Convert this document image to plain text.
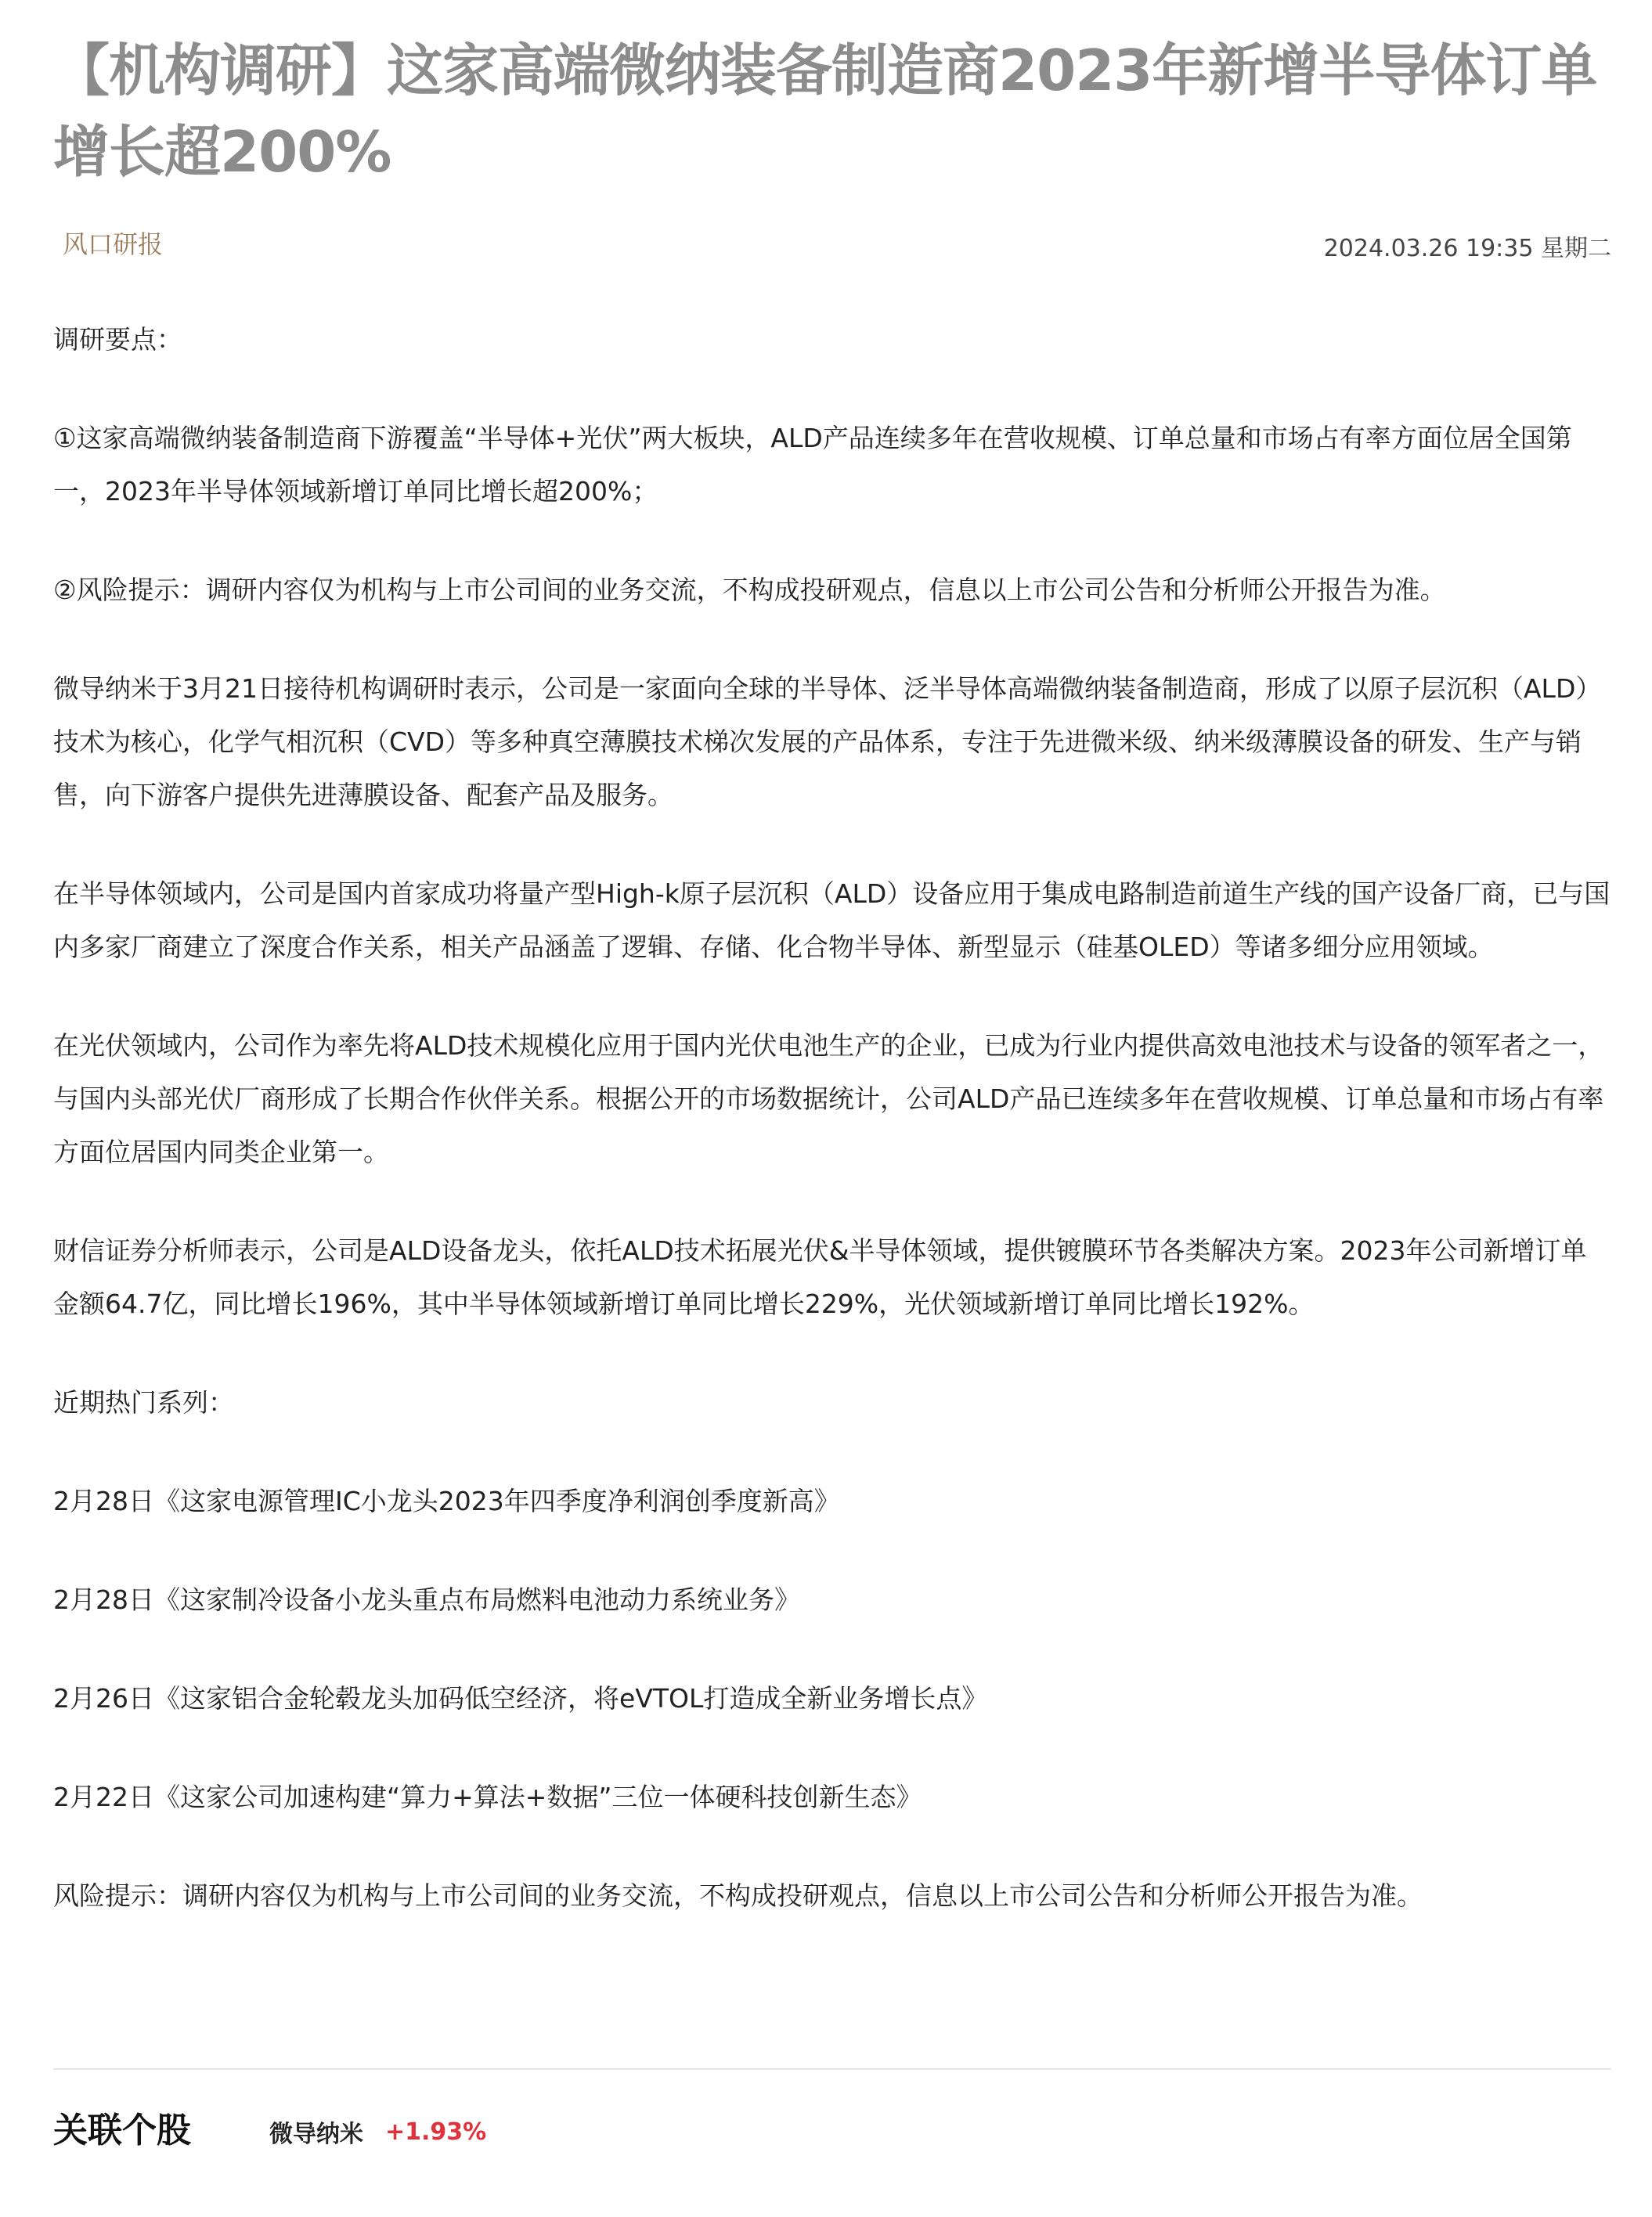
【机构调研】这家高端微纳装备制造商2023年新增半导体订单增长超200%
风口研报	2024.03.26 19:35 星期二

调研要点：

①这家高端微纳装备制造商下游覆盖“半导体+光伏”两大板块，ALD产品连续多年在营收规模、订单总量和市场占有率方面位居全国第一，2023年半导体领域新增订单同比增长超200%；

②风险提示：调研内容仅为机构与上市公司间的业务交流，不构成投研观点，信息以上市公司公告和分析师公开报告为准。

微导纳米于3月21日接待机构调研时表示，公司是一家面向全球的半导体、泛半导体高端微纳装备制造商，形成了以原子层沉积（ALD）技术为核心，化学气相沉积（CVD）等多种真空薄膜技术梯次发展的产品体系，专注于先进微米级、纳米级薄膜设备的研发、生产与销售，向下游客户提供先进薄膜设备、配套产品及服务。

在半导体领域内，公司是国内首家成功将量产型High-k原子层沉积（ALD）设备应用于集成电路制造前道生产线的国产设备厂商，已与国内多家厂商建立了深度合作关系，相关产品涵盖了逻辑、存储、化合物半导体、新型显示（硅基OLED）等诸多细分应用领域。

在光伏领域内，公司作为率先将ALD技术规模化应用于国内光伏电池生产的企业，已成为行业内提供高效电池技术与设备的领军者之一，与国内头部光伏厂商形成了长期合作伙伴关系。根据公开的市场数据统计，公司ALD产品已连续多年在营收规模、订单总量和市场占有率方面位居国内同类企业第一。

财信证券分析师表示，公司是ALD设备龙头，依托ALD技术拓展光伏&半导体领域，提供镀膜环节各类解决方案。2023年公司新增订单金额64.7亿，同比增长196%，其中半导体领域新增订单同比增长229%，光伏领域新增订单同比增长192%。

近期热门系列：

2月28日《这家电源管理IC小龙头2023年四季度净利润创季度新高》
2月28日《这家制冷设备小龙头重点布局燃料电池动力系统业务》
2月26日《这家铝合金轮毂龙头加码低空经济，将eVTOL打造成全新业务增长点》
2月22日《这家公司加速构建“算力+算法+数据”三位一体硬科技创新生态》

风险提示：调研内容仅为机构与上市公司间的业务交流，不构成投研观点，信息以上市公司公告和分析师公开报告为准。

关联个股	微导纳米 +1.93%
